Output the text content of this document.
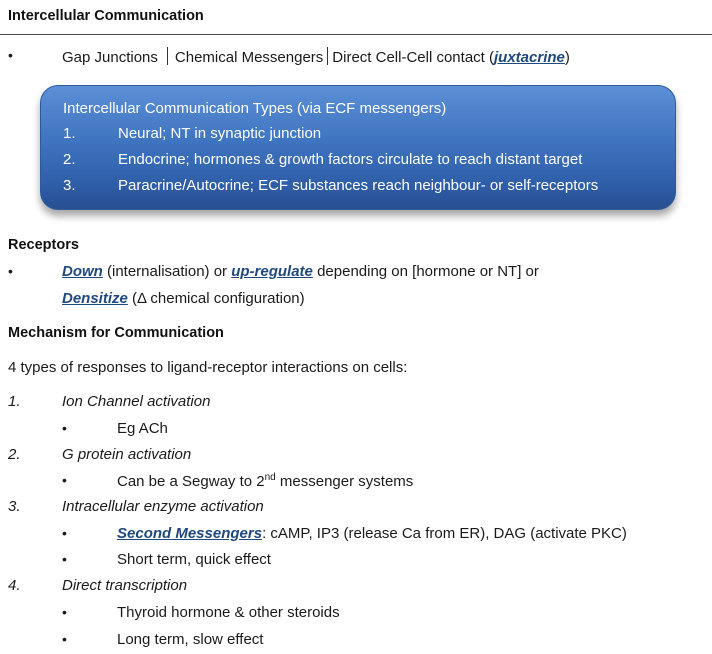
Intercellular Communication
•	Gap Junctions Chemical Messengers Direct Cell-Cell contact (juxtacrine)
Intercellular Communication Types (via ECF messengers)
1.	Neural; NT in synaptic junction
2.	Endocrine; hormones & growth factors circulate to reach distant target
3.	Paracrine/Autocrine; ECF substances reach neighbour- or self-receptors
Receptors
•	Down (internalisation) or up-regulate depending on [hormone or NT] or
Densitize (Δ chemical configuration)
Mechanism for Communication
4 types of responses to ligand-receptor interactions on cells:
1.	Ion Channel activation
•	Eg ACh
2.	G protein activation
•	Can be a Segway to 2nd messenger systems
3.	Intracellular enzyme activation
•	Second Messengers: cAMP, IP3 (release Ca from ER), DAG (activate PKC)
•	Short term, quick effect
4.	Direct transcription
•	Thyroid hormone & other steroids
•	Long term, slow effect
